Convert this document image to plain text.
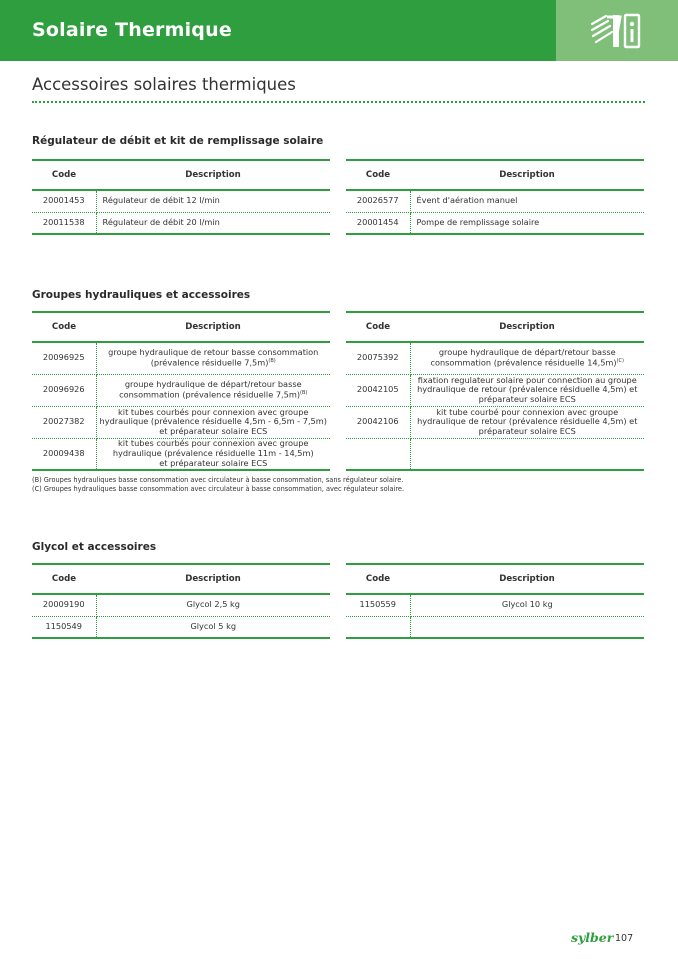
Solaire Thermique
Accessoires solaires thermiques
Régulateur de débit et kit de remplissage solaire
Code	Description
20001453	Régulateur de débit 12 l/min
20011538	Régulateur de débit 20 l/min
Code	Description
20026577	Évent d'aération manuel
20001454	Pompe de remplissage solaire
Groupes hydrauliques et accessoires
Code	Description
20096925	groupe hydraulique de retour basse consommation
(prévalence résiduelle 7,5m)$^{(B)}$
20096926	groupe hydraulique de départ/retour basse
consommation (prévalence résiduelle 7,5m)$^{(B)}$
20027382	kit tubes courbés pour connexion avec groupe
hydraulique (prévalence résiduelle 4,5m - 6,5m - 7,5m)
et préparateur solaire ECS
20009438	kit tubes courbés pour connexion avec groupe
hydraulique (prévalence résiduelle 11m - 14,5m)
et préparateur solaire ECS
Code	Description
20075392	groupe hydraulique de départ/retour basse
consommation (prévalence résiduelle 14,5m)$^{(C)}$
20042105	fixation regulateur solaire pour connection au groupe
hydraulique de retour (prévalence résiduelle 4,5m) et
préparateur solaire ECS
20042106	kit tube courbé pour connexion avec groupe
hydraulique de retour (prévalence résiduelle 4,5m) et
préparateur solaire ECS

(B) Groupes hydrauliques basse consommation avec circulateur à basse consommation, sans régulateur solaire.
(C) Groupes hydrauliques basse consommation avec circulateur à basse consommation, avec régulateur solaire.
Glycol et accessoires
Code	Description
20009190	Glycol 2,5 kg
1150549	Glycol 5 kg
Code	Description
1150559	Glycol 10 kg

sylber 107
